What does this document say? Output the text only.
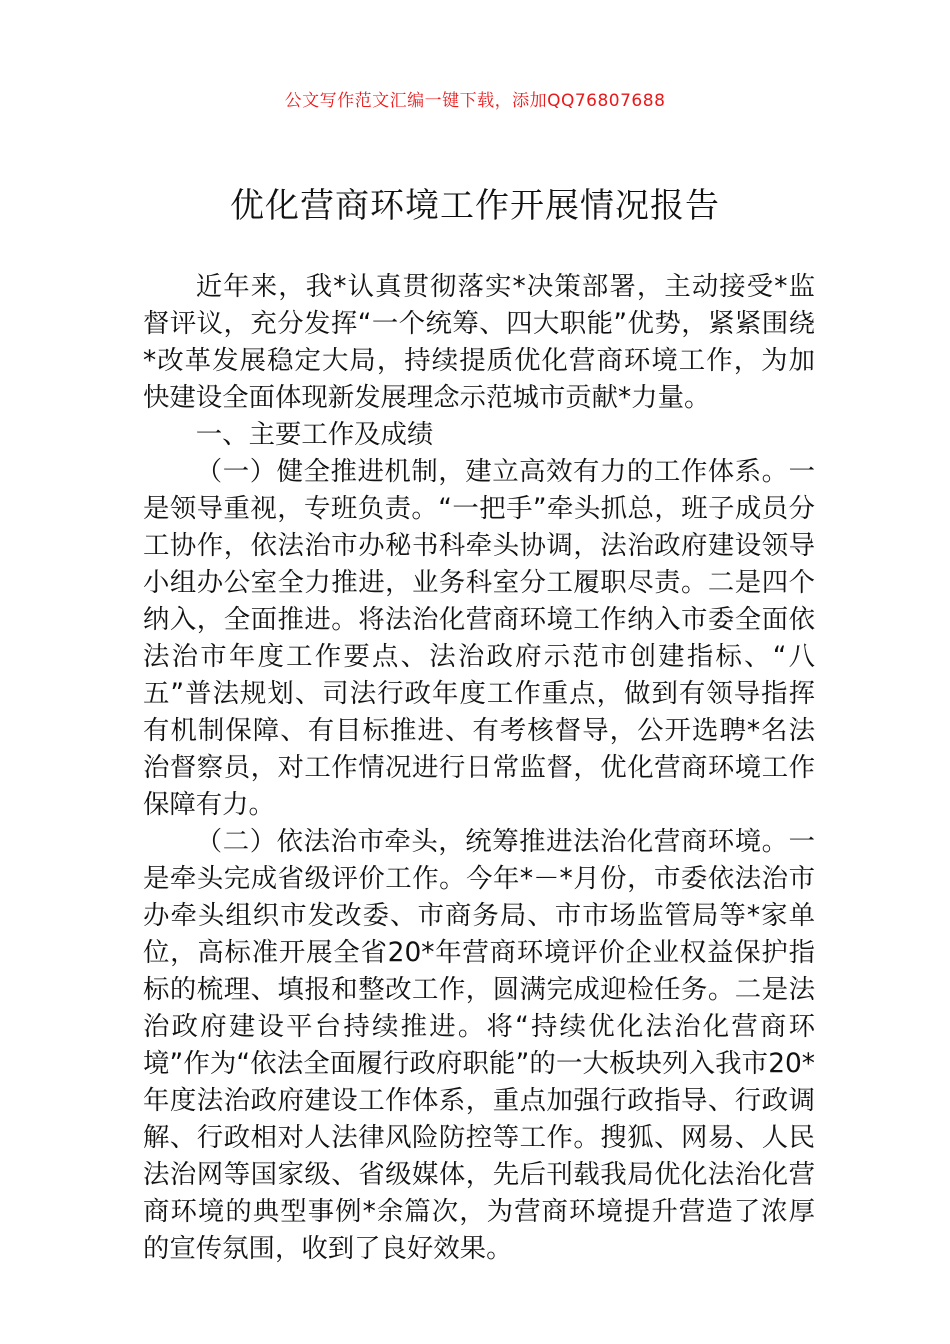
公文写作范文汇编一键下载，添加QQ76807688
优化营商环境工作开展情况报告

近年来，我*认真贯彻落实*决策部署，主动接受*监督评议，充分发挥“一个统筹、四大职能”优势，紧紧围绕*改革发展稳定大局，持续提质优化营商环境工作，为加快建设全面体现新发展理念示范城市贡献*力量。

一、主要工作及成绩

（一）健全推进机制，建立高效有力的工作体系。一是领导重视，专班负责。“一把手”牵头抓总，班子成员分工协作，依法治市办秘书科牵头协调，法治政府建设领导小组办公室全力推进，业务科室分工履职尽责。二是四个纳入，全面推进。将法治化营商环境工作纳入市委全面依法治市年度工作要点、法治政府示范市创建指标、“八五”普法规划、司法行政年度工作重点，做到有领导指挥有机制保障、有目标推进、有考核督导，公开选聘*名法治督察员，对工作情况进行日常监督，优化营商环境工作保障有力。

（二）依法治市牵头，统筹推进法治化营商环境。一是牵头完成省级评价工作。今年*－*月份，市委依法治市办牵头组织市发改委、市商务局、市市场监管局等*家单位，高标准开展全省20*年营商环境评价企业权益保护指标的梳理、填报和整改工作，圆满完成迎检任务。二是法治政府建设平台持续推进。将“持续优化法治化营商环境”作为“依法全面履行政府职能”的一大板块列入我市20*年度法治政府建设工作体系，重点加强行政指导、行政调解、行政相对人法律风险防控等工作。搜狐、网易、人民法治网等国家级、省级媒体，先后刊载我局优化法治化营商环境的典型事例*余篇次，为营商环境提升营造了浓厚的宣传氛围，收到了良好效果。
